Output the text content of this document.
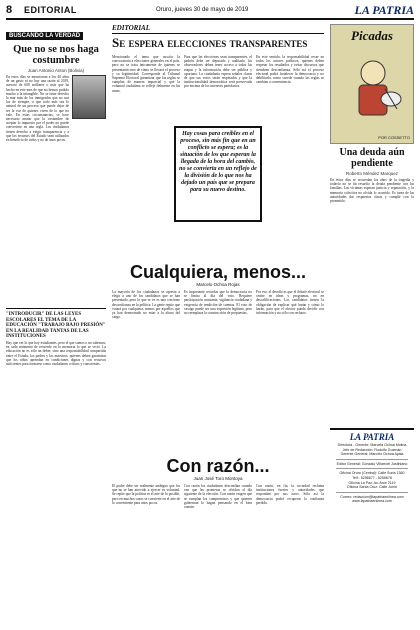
8 EDITORIAL	Oruro, jueves 30 de mayo de 2019	LA PATRIA
BUSCANDO LA VERDAD
Que no se nos haga costumbre
Juan Antonio Anton (Bolivia)
En estos días se mencionan a los 40 años de un gasto ni no hay una razón al 2019, asesoró de 600 millones o más que ha hecho en este mes de que no hemos podido mucho a la intangible. No se tiene derecho la mar más de los inmigrados que no son los de siempre, a que todo más sea lo natural de un proceso que puede dejar de ser la voz de quienes viven de lo que no vale. En estas circunstancias, se hace necesario anotar que la costumbre de aceptar lo impuesto por el poder no puede convertirse en una regla. Los ciudadanos tienen derecho a exigir transparencia y a que los recursos del Estado sean utilizados en beneficio de todos y no de unos pocos.
"INTRODUCIR" DE LAS LEYES ESCOLARES EL TEMA DE LA EDUCACIÓN "TRABAJO BAJO PRESIÓN" EN LA REALIDAD TANTAS DE LAS INSTITUCIONES
Hay que ver lo que hoy estudiantes, pero el que somos o no sabemos; en cada momento de recuerdo en la memoria lo que se vivió. La educación no es sólo un deber, sino una responsabilidad compartida entre el Estado, los padres y los maestros, quienes deben garantizar que los niños aprendan en condiciones dignas y con recursos suficientes para formarse como ciudadanos críticos y conscientes.
EDITORIAL
Se espera elecciones transparentes
Mencionado el tema que suscita la convocatoria a elecciones generales en el país, pero no se trata únicamente de quienes se presentarán sino de cómo se llevará el proceso y su legitimidad. Corresponde al Tribunal Supremo Electoral garantizar que las reglas se cumplan de manera imparcial y que la voluntad ciudadana se refleje fielmente en las urnas.
Para que las elecciones sean transparentes, el padrón debe ser depurado y auditado, los observadores deben tener acceso a todas las etapas y la información debe ser pública y oportuna. La ciudadanía espera señales claras de que sus votos serán respetados y que la institucionalidad democrática será preservada por encima de los intereses partidarios.
En este sentido, la responsabilidad recae en todos los actores políticos, quienes deben respetar los resultados y evitar discursos que siembren desconfianza. Sólo así el proceso electoral podrá fortalecer la democracia y no debilitarla, como sucede cuando las reglas se cambian a conveniencia.
Hay cosas para creíbles en el proceso, sin más fin que en un conflicto se espera; es la situación de los que esperan la llegada de la hora del cambio, no se convierta en un reflejo de la división de lo que nos ha dejado un país que se prepara para su nuevo destino.
Cualquiera, menos...
Marcelo Ochoa Rojas
La mayoría de los ciudadanos se apresta a elegir a uno de los candidatos que se han presentado, pero lo que se ve es una creciente desconfianza en la política. La gente repite que votará por cualquiera, menos por aquellos que ya han demostrado no estar a la altura del cargo.
Es importante recordar que la democracia no se limita al día del voto. Requiere participación constante, vigilancia ciudadana y exigencia de rendición de cuentas. El voto de castigo puede ser una expresión legítima, pero no reemplaza la construcción de propuestas.
Por eso, el desafío es que el debate electoral se centre en ideas y programas, no en descalificaciones. Los candidatos tienen la obligación de explicar qué harán y cómo lo harán, para que el elector pueda decidir con información y no sólo con rechazo.
Con razón...
Juan José Toro Montoya
El poder debe ser realmente ambiguo que los que no se han atrevido a ejercer su voluntad. Se repite que la política es el arte de lo posible, pero en muchos casos se convierte en el arte de lo conveniente para unos pocos.
Con razón los ciudadanos desconfían cuando ven que las promesas se olvidan al día siguiente de la elección. Con razón exigen que se cumplan los compromisos y que quienes gobiernan lo hagan pensando en el bien común.
Con razón, en fin, la sociedad reclama instituciones fuertes y autoridades que respondan por sus actos. Sólo así la democracia podrá recuperar la confianza perdida.
Picadas
POR COSSETTO
Una deuda aún pendiente
Roberto Méndez Marquez
En estos días se recuerdan los años de la tragedia y todavía no se ha resuelto la deuda pendiente con las familias. Las víctimas esperan justicia y reparación, y la memoria colectiva no olvida lo ocurrido. Es tarea de las autoridades dar respuestas claras y cumplir con lo prometido.
LA PATRIA
Directora - Gerente: Marcela Ochoa Molina
Jefe de Redacción: Rodolfo Guzmán
Gerente General: Marcelo Ochoa Ayala
Editor General: Gonzalo Villarroel Justiniano
Oficina Oruro (Central): Calle Soria 1360
Telf.: 5256677 - 5256678
Oficina La Paz: Av. Arce 2119
Oficina Santa Cruz: Calle Junín
Correo: redaccion@lapatriaenlinea.com
www.lapatriaenlinea.com
